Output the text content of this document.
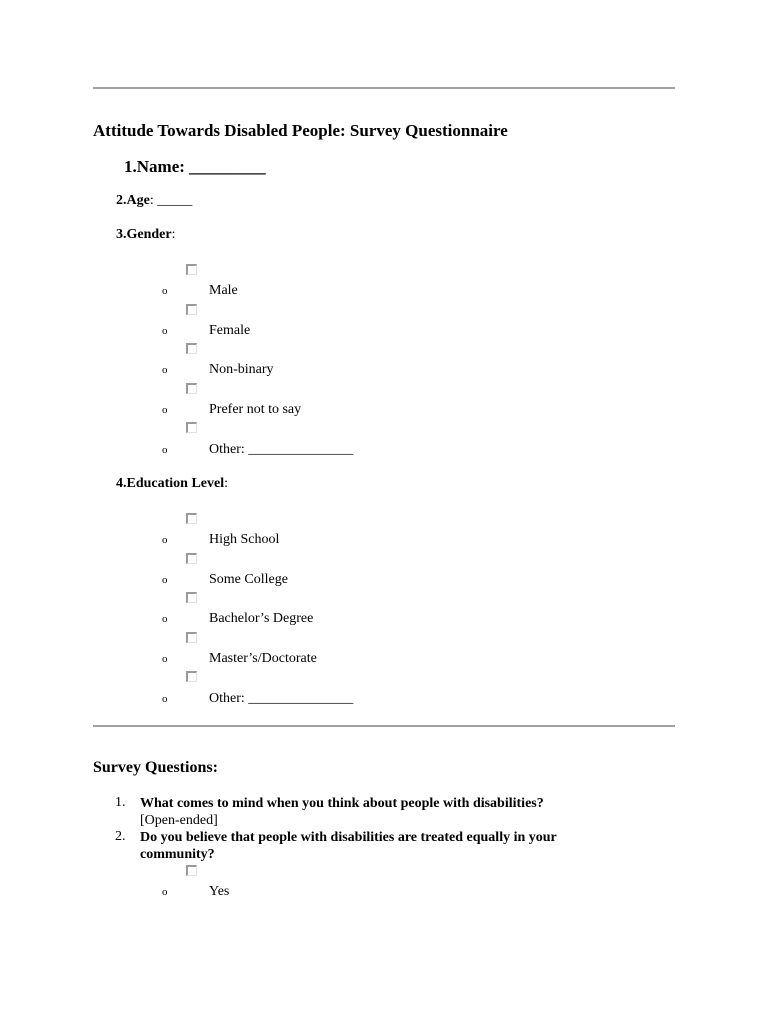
Attitude Towards Disabled People: Survey Questionnaire
1.Name: _________
2.Age: _____
3.Gender:
o	Male
o	Female
o	Non-binary
o	Prefer not to say
o	Other: _______________
4.Education Level:
o	High School
o	Some College
o	Bachelor’s Degree
o	Master’s/Doctorate
o	Other: _______________
Survey Questions:
1. What comes to mind when you think about people with disabilities?
[Open-ended]
2. Do you believe that people with disabilities are treated equally in your
community?
o	Yes
